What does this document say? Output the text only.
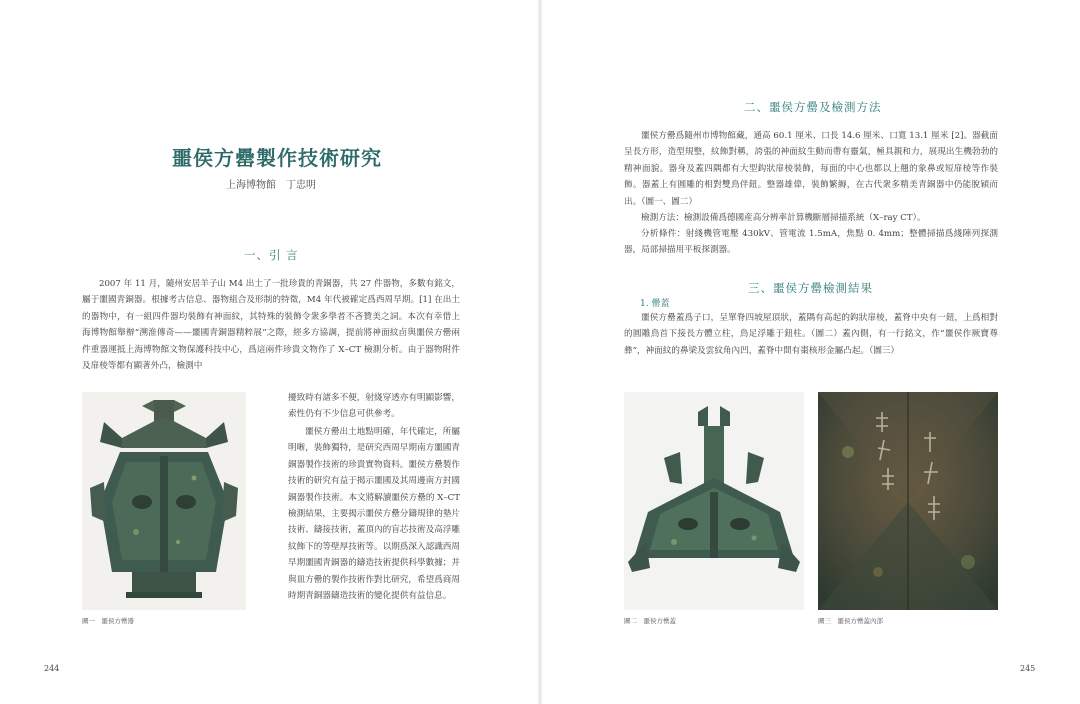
噩侯方罍製作技術研究
上海博物館　丁忠明
一、引 言
2007 年 11 月，隨州安居羊子山 M4 出土了一批珍貴的青銅器，共 27 件器物，多數有銘文，屬于噩國青銅器。根據考古信息、器物組合及形制的特徵，M4 年代被確定爲西周早期。[1] 在出土的器物中，有一組四件器均裝飾有神面紋，其特殊的裝飾令衆多學者不吝贊美之詞。本次有幸借上海博物館舉辦“溯淮傳奇——噩國青銅器精粹展”之際，經多方協調，提前將神面紋卣與噩侯方罍兩件重器運抵上海博物館文物保護科技中心，爲這兩件珍貴文物作了 X–CT 檢測分析。由于器物附件及扉棱等都有顯著外凸，檢測中
擾致時有諸多不便，射綫穿透亦有明顯影響，索性仍有不少信息可供參考。
噩侯方罍出土地點明確，年代確定，所屬明晰，裝飾獨特，是研究西周早期南方噩國青銅器製作技術的珍貴實物資料。噩侯方罍製作技術的研究有益于揭示噩國及其周邊南方封國銅器製作技術。本文將解讀噩侯方罍的 X–CT 檢測結果，主要揭示噩侯方罍分鑄規律的墊片技術、鑄接技術，蓋頂內的盲芯技術及高浮雕紋飾下的等壁厚技術等。以期爲深入認識西周早期噩國青銅器的鑄造技術提供科學數據；并與皿方罍的製作技術作對比研究，希望爲商周時期青銅器鑄造技術的變化提供有益信息。
圖一　噩侯方罍器
244
二、噩侯方罍及檢測方法
噩侯方罍爲隨州市博物館藏，通高 60.1 厘米、口長 14.6 厘米、口寬 13.1 厘米 [2]。器截面呈長方形，造型規整，紋飾對稱，誇張的神面紋生動而帶有靈氣，極具親和力，展現出生機勃勃的精神面貌。器身及蓋四隅都有大型鈎狀扉棱裝飾，每面的中心也都以上翹的象鼻或短扉棱等作裝飾。器蓋上有圓雕的相對雙鳥伴鈕。整器雄偉，裝飾繁縟，在古代衆多精美青銅器中仍能脫穎而出。（圖一、圖二）
檢測方法：檢測設備爲德國産高分辨率計算機斷層掃描系統（X–ray CT）。
分析條件：射綫機管電壓 430kV、管電流 1.5mA，焦點 0. 4mm；整體掃描爲綫陣列探測器，局部掃描用平板探測器。
三、噩侯方罍檢測結果
1. 罍蓋
噩侯方罍蓋爲子口，呈單脊四坡屋頂狀，蓋隅有高起的鈎狀扉棱，蓋脊中央有一鈕，上爲相對的圓雕鳥首下接長方體立柱，鳥足浮雕于鈕柱。（圖二）蓋內側，有一行銘文，作“噩侯作厥寶尊彝”，神面紋的鼻梁及雲紋角內凹，蓋脊中間有棗核形金屬凸起。（圖三）
圖二　噩侯方罍蓋	圖三　噩侯方罍蓋內部
245
